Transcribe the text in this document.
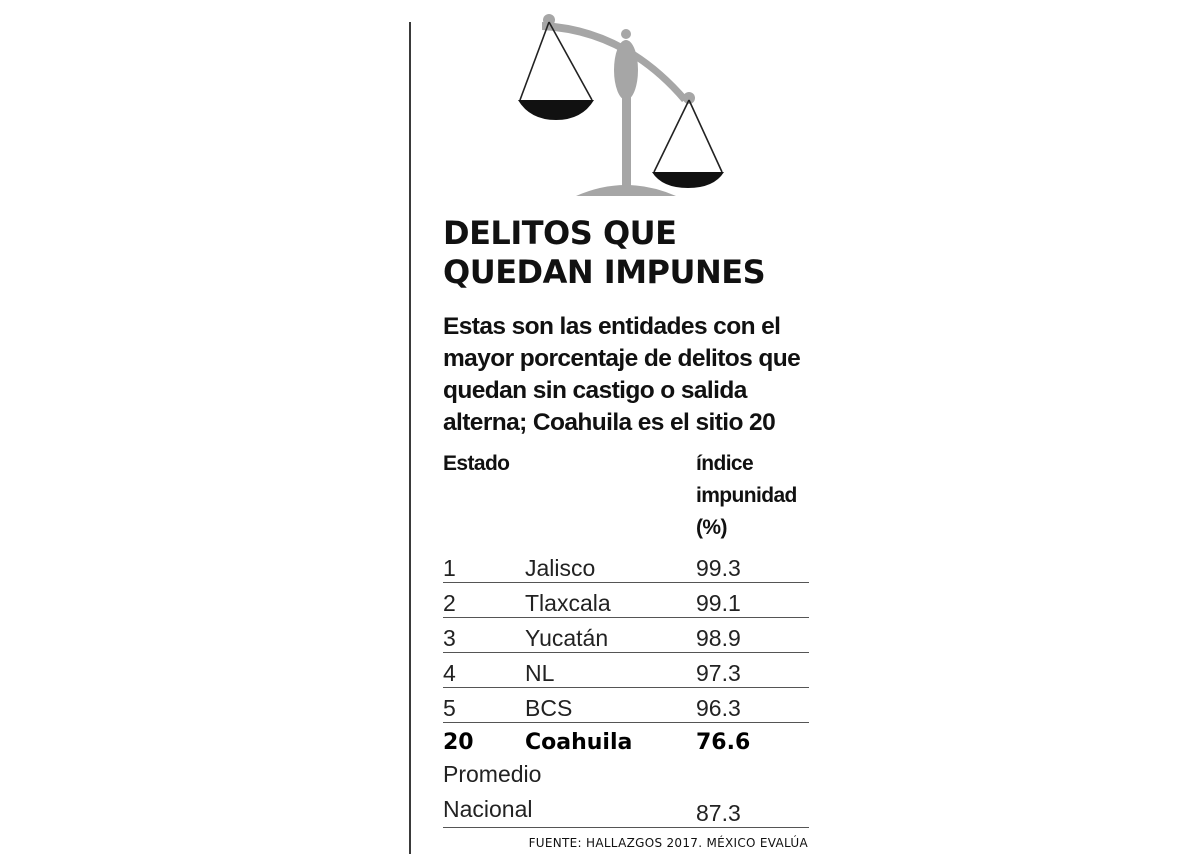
DELITOS QUE QUEDAN IMPUNES

Estas son las entidades con el mayor porcentaje de delitos que quedan sin castigo o salida alterna; Coahuila es el sitio 20

Estado	índice impunidad (%)
1	Jalisco	99.3
2	Tlaxcala	99.1
3	Yucatán	98.9
4	NL	97.3
5	BCS	96.3
20 Coahuila	76.6
Promedio Nacional	87.3
FUENTE: HALLAZGOS 2017. MÉXICO EVALÚA
